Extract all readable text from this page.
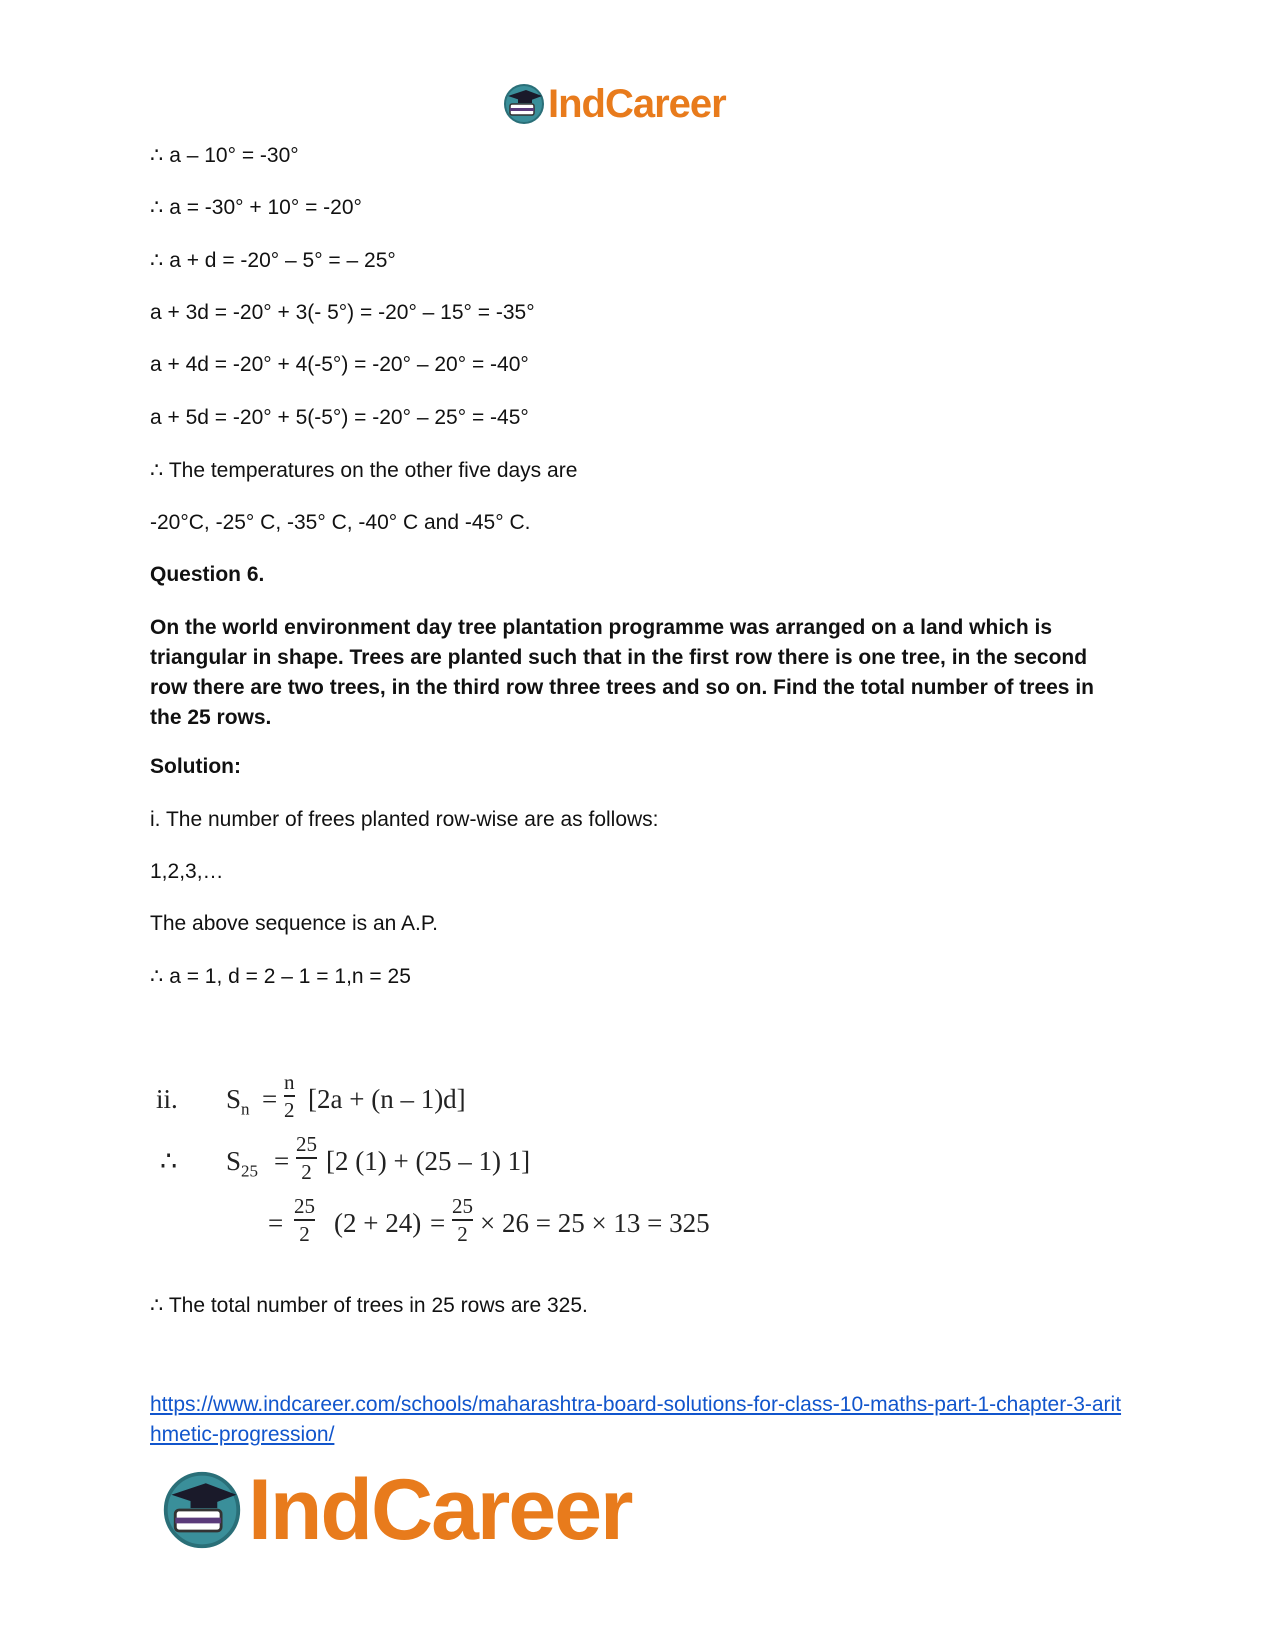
IndCareer
∴ a – 10° = -30°
∴ a = -30° + 10° = -20°
∴ a + d = -20° – 5° = – 25°
a + 3d = -20° + 3(- 5°) = -20° – 15° = -35°
a + 4d = -20° + 4(-5°) = -20° – 20° = -40°
a + 5d = -20° + 5(-5°) = -20° – 25° = -45°
∴ The temperatures on the other five days are
-20°C, -25° C, -35° C, -40° C and -45° C.
Question 6.
On the world environment day tree plantation programme was arranged on a land which is triangular in shape. Trees are planted such that in the first row there is one tree, in the second row there are two trees, in the third row three trees and so on. Find the total number of trees in the 25 rows.
Solution:
i. The number of frees planted row-wise are as follows:
1,2,3,…
The above sequence is an A.P.
∴ a = 1, d = 2 – 1 = 1,n = 25
ii. $S_n$ =
n
2 [2a + (n – 1)d]
∴ $S_{25}$ =
25
2 [2 (1) + (25 – 1) 1]
=
25
2 (2 + 24) =
25
2 × 26 = 25 × 13 = 325
∴ The total number of trees in 25 rows are 325.
https://www.indcareer.com/schools/maharashtra-board-solutions-for-class-10-maths-part-1-chapter-3-arithmetic-progression/
IndCareer
